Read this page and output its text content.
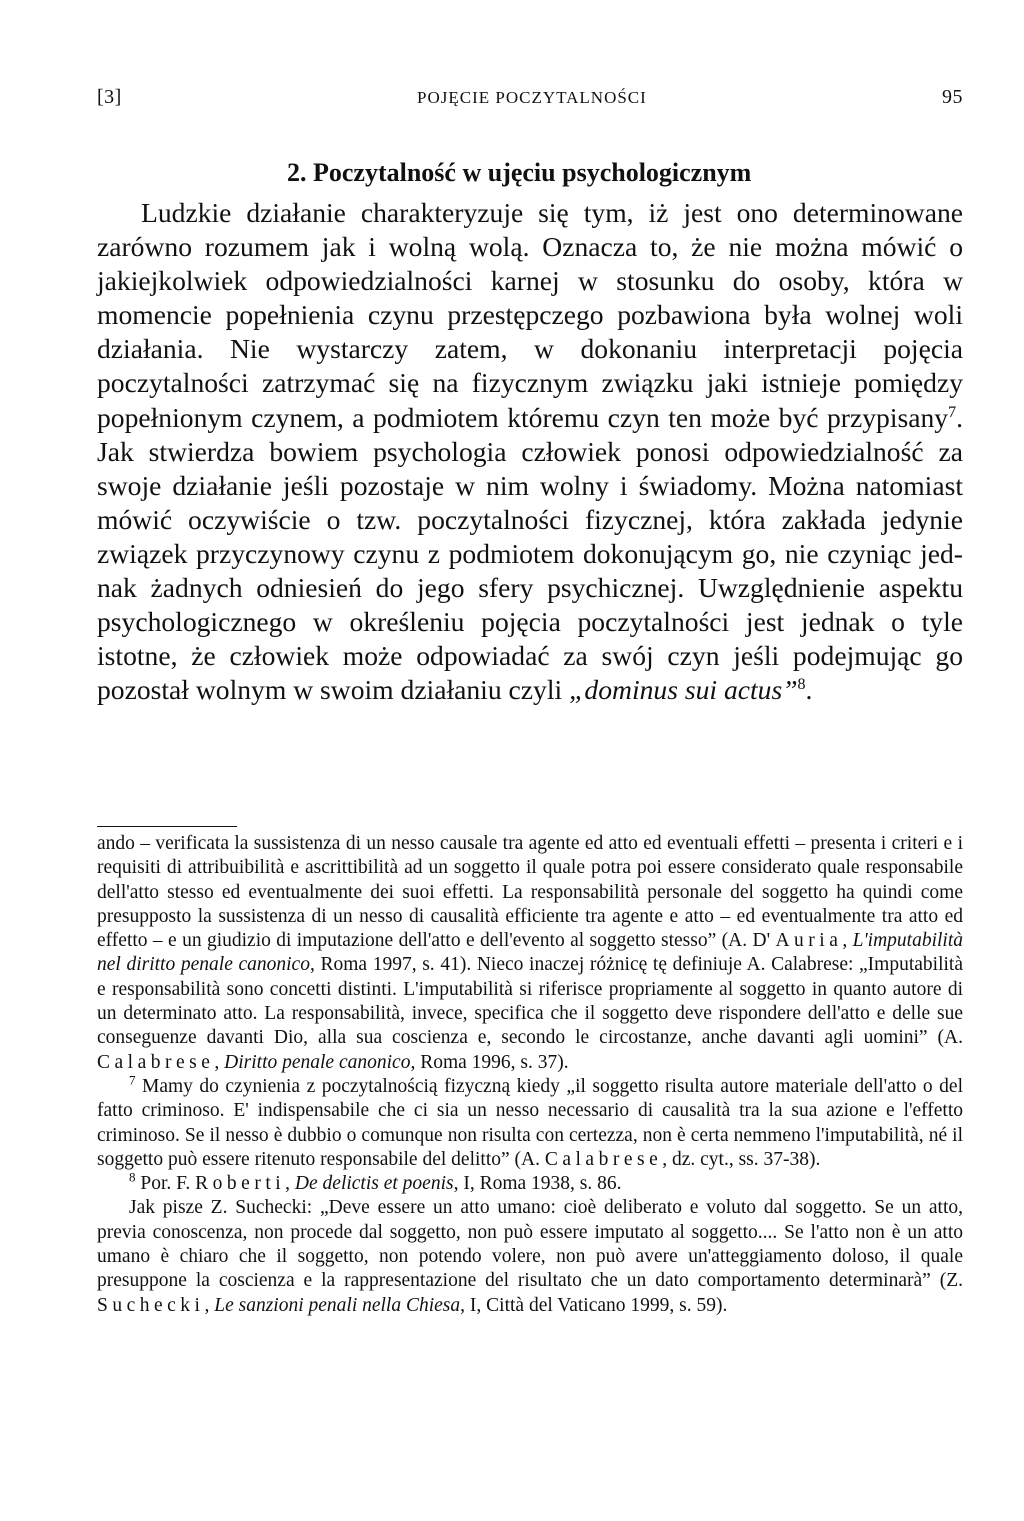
[3]	POJĘCIE POCZYTALNOŚCI	95
2. Poczytalność w ujęciu psychologicznym

Ludzkie działanie charakteryzuje się tym, iż jest ono determinowane zarówno rozumem jak i wolną wolą. Oznacza to, że nie można mówić o jakiejkolwiek odpowiedzialności karnej w stosunku do osoby, która w momencie popełnienia czynu przestępczego pozbawiona była wolnej woli działania. Nie wystarczy zatem, w dokonaniu interpretacji pojęcia poczytalności zatrzymać się na fizycznym związku jaki istnieje pomiędzy popełnionym czynem, a podmiotem któremu czyn ten może być przypisany$^7$. Jak stwierdza bowiem psychologia człowiek ponosi odpowiedzialność za swoje działanie jeśli pozostaje w nim wolny i świadomy. Można natomiast mówić oczywiście o tzw. poczytalności fizycznej, która zakłada jedynie związek przyczynowy czynu z podmiotem dokonującym go, nie czyniąc jednak żadnych odniesień do jego sfery psychicznej. Uwzględnienie aspektu psychologicznego w określeniu pojęcia poczytalności jest jednak o tyle istotne, że człowiek może odpowiadać za swój czyn jeśli podejmując go pozostał wolnym w swoim działaniu czyli „dominus sui actus”$^8$.

ando – verificata la sussistenza di un nesso causale tra agente ed atto ed eventuali effetti – presenta i criteri e i requisiti di attribuibilità e ascrittibilità ad un soggetto il quale potra poi essere considerato quale responsabile dell'atto stesso ed eventualmente dei suoi effetti. La responsabilità personale del soggetto ha quindi come presupposto la sussistenza di un nesso di causalità efficiente tra agente e atto – ed eventualmente tra atto ed effetto – e un giudizio di imputazione dell'atto e dell'evento al soggetto stesso” (A. D' Auria, L'imputabilità nel diritto penale canonico, Roma 1997, s. 41). Nieco inaczej różnicę tę definiuje A. Calabrese: „Imputabilità e responsabilità sono concetti distinti. L'imputabilità si riferisce propriamente al soggetto in quanto autore di un determinato atto. La responsabilità, invece, specifica che il soggetto deve rispondere dell'atto e delle sue conseguenze davanti Dio, alla sua coscienza e, secondo le circostanze, anche davanti agli uomini” (A. Calabrese, Diritto penale canonico, Roma 1996, s. 37).

$^7$ Mamy do czynienia z poczytalnością fizyczną kiedy „il soggetto risulta autore materiale dell'atto o del fatto criminoso. E' indispensabile che ci sia un nesso necessario di causalità tra la sua azione e l'effetto criminoso. Se il nesso è dubbio o comunque non risulta con certezza, non è certa nemmeno l'imputabilità, né il soggetto può essere ritenuto responsabile del delitto” (A. Calabrese, dz. cyt., ss. 37-38).

$^8$ Por. F. Roberti, De delictis et poenis, I, Roma 1938, s. 86.

Jak pisze Z. Suchecki: „Deve essere un atto umano: cioè deliberato e voluto dal soggetto. Se un atto, previa conoscenza, non procede dal soggetto, non può essere imputato al soggetto.... Se l'atto non è un atto umano è chiaro che il soggetto, non potendo volere, non può avere un'atteggiamento doloso, il quale presuppone la coscienza e la rappresentazione del risultato che un dato comportamento determinarà” (Z. Suchecki, Le sanzioni penali nella Chiesa, I, Città del Vaticano 1999, s. 59).
